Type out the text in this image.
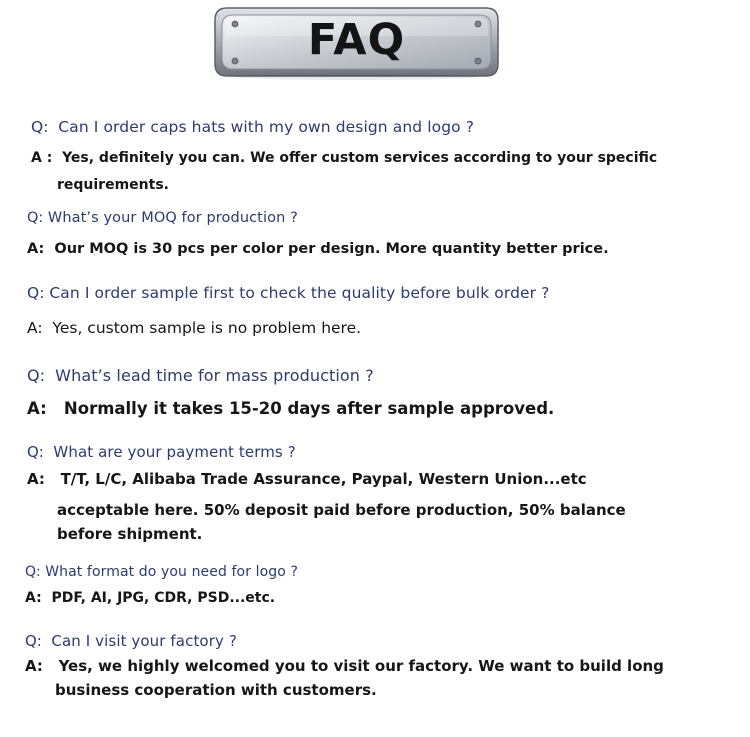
FAQ
Q: Can I order caps hats with my own design and logo ?
A : Yes, definitely you can. We offer custom services according to your specific
requirements.
Q: What’s your MOQ for production ?
A: Our MOQ is 30 pcs per color per design. More quantity better price.
Q: Can I order sample first to check the quality before bulk order ?
A: Yes, custom sample is no problem here.
Q: What’s lead time for mass production ?
A: Normally it takes 15-20 days after sample approved.
Q: What are your payment terms ?
A: T/T, L/C, Alibaba Trade Assurance, Paypal, Western Union...etc
acceptable here. 50% deposit paid before production, 50% balance
before shipment.
Q: What format do you need for logo ?
A: PDF, AI, JPG, CDR, PSD...etc.
Q: Can I visit your factory ?
A: Yes, we highly welcomed you to visit our factory. We want to build long
business cooperation with customers.
